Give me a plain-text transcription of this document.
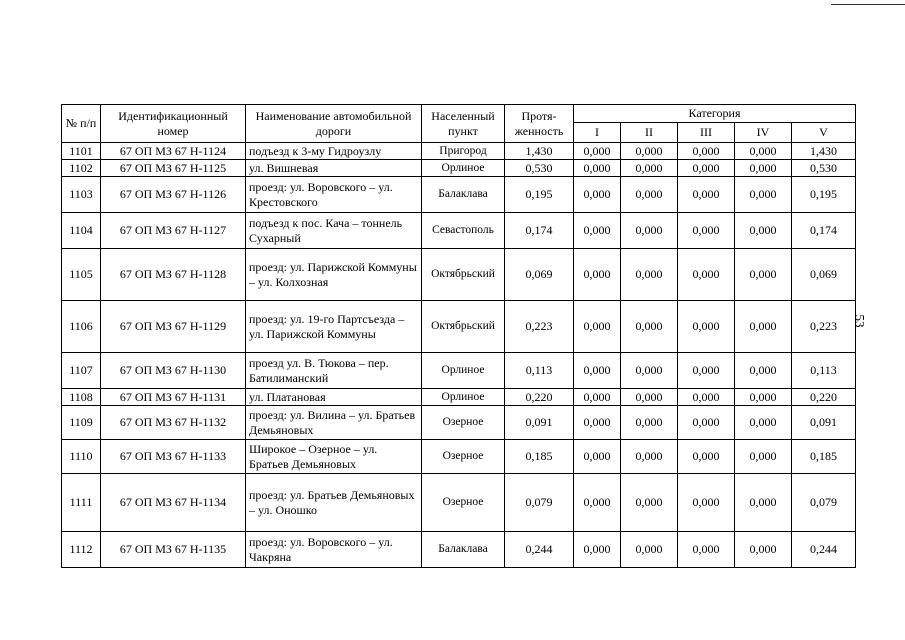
53
№ п/п	Идентификационный номер	Наименование автомобильной дороги	Населенный пункт	Протя-женность	Категория				
					I	II	III	IV	V
1101	67 ОП МЗ 67 Н-1124	подъезд к 3-му Гидроузлу	Пригород	1,430	0,000	0,000	0,000	0,000	1,430
1102	67 ОП МЗ 67 Н-1125	ул. Вишневая	Орлиное	0,530	0,000	0,000	0,000	0,000	0,530
1103	67 ОП МЗ 67 Н-1126	проезд: ул. Воровского – ул. Крестовского	Балаклава	0,195	0,000	0,000	0,000	0,000	0,195
1104	67 ОП МЗ 67 Н-1127	подъезд к пос. Кача – тоннель Сухарный	Севастополь	0,174	0,000	0,000	0,000	0,000	0,174
1105	67 ОП МЗ 67 Н-1128	проезд: ул. Парижской Коммуны – ул. Колхозная	Октябрьский	0,069	0,000	0,000	0,000	0,000	0,069
1106	67 ОП МЗ 67 Н-1129	проезд: ул. 19-го Партсъезда – ул. Парижской Коммуны	Октябрьский	0,223	0,000	0,000	0,000	0,000	0,223
1107	67 ОП МЗ 67 Н-1130	проезд ул. В. Тюкова – пер. Батилиманский	Орлиное	0,113	0,000	0,000	0,000	0,000	0,113
1108	67 ОП МЗ 67 Н-1131	ул. Платановая	Орлиное	0,220	0,000	0,000	0,000	0,000	0,220
1109	67 ОП МЗ 67 Н-1132	проезд: ул. Вилина – ул. Братьев Демьяновых	Озерное	0,091	0,000	0,000	0,000	0,000	0,091
1110	67 ОП МЗ 67 Н-1133	Широкое – Озерное – ул. Братьев Демьяновых	Озерное	0,185	0,000	0,000	0,000	0,000	0,185
1111	67 ОП МЗ 67 Н-1134	проезд: ул. Братьев Демьяновых – ул. Оношко	Озерное	0,079	0,000	0,000	0,000	0,000	0,079
1112	67 ОП МЗ 67 Н-1135	проезд: ул. Воровского – ул. Чакряна	Балаклава	0,244	0,000	0,000	0,000	0,000	0,244
